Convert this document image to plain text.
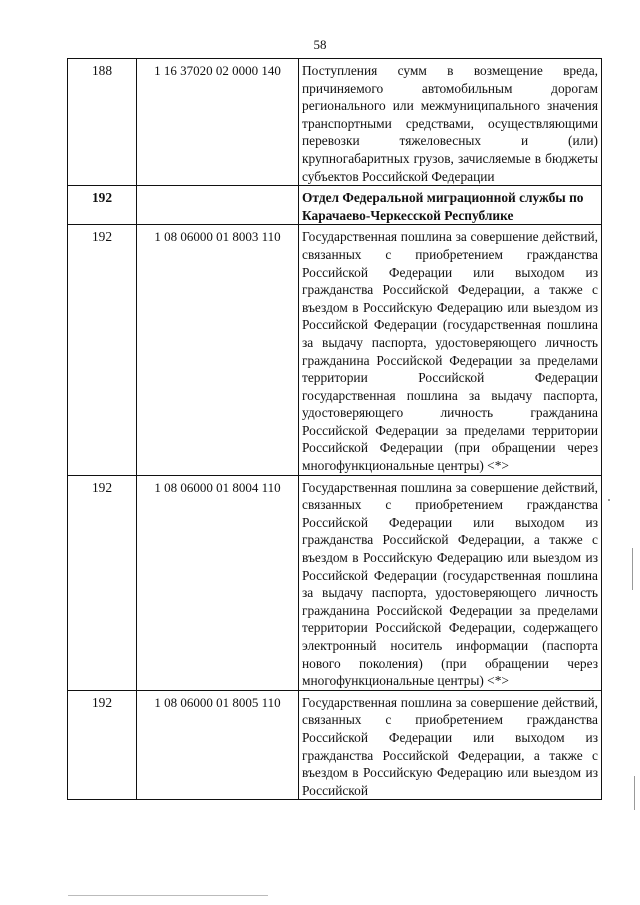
58
188	1 16 37020 02 0000 140	Поступления сумм в возмещение вреда, причиняемого автомобильным дорогам регионального или межмуниципального значения транспортными средствами, осуществляющими перевозки тяжеловесных и (или) крупногабаритных грузов, зачисляемые в бюджеты субъектов Российской Федерации
192		Отдел Федеральной миграционной службы по Карачаево-Черкесской Республике
192	1 08 06000 01 8003 110	Государственная пошлина за совершение действий, связанных с приобретением гражданства Российской Федерации или выходом из гражданства Российской Федерации, а также с въездом в Российскую Федерацию или выездом из Российской Федерации (государственная пошлина за выдачу паспорта, удостоверяющего личность гражданина Российской Федерации за пределами территории Российской Федерации государственная пошлина за выдачу паспорта, удостоверяющего личность гражданина Российской Федерации за пределами территории Российской Федерации (при обращении через многофункциональные центры) <*>
192	1 08 06000 01 8004 110	Государственная пошлина за совершение действий, связанных с приобретением гражданства Российской Федерации или выходом из гражданства Российской Федерации, а также с въездом в Российскую Федерацию или выездом из Российской Федерации (государственная пошлина за выдачу паспорта, удостоверяющего личность гражданина Российской Федерации за пределами территории Российской Федерации, содержащего электронный носитель информации (паспорта нового поколения) (при обращении через многофункциональные центры) <*>
192	1 08 06000 01 8005 110	Государственная пошлина за совершение действий, связанных с приобретением гражданства Российской Федерации или выходом из гражданства Российской Федерации, а также с въездом в Российскую Федерацию или выездом из Российской
